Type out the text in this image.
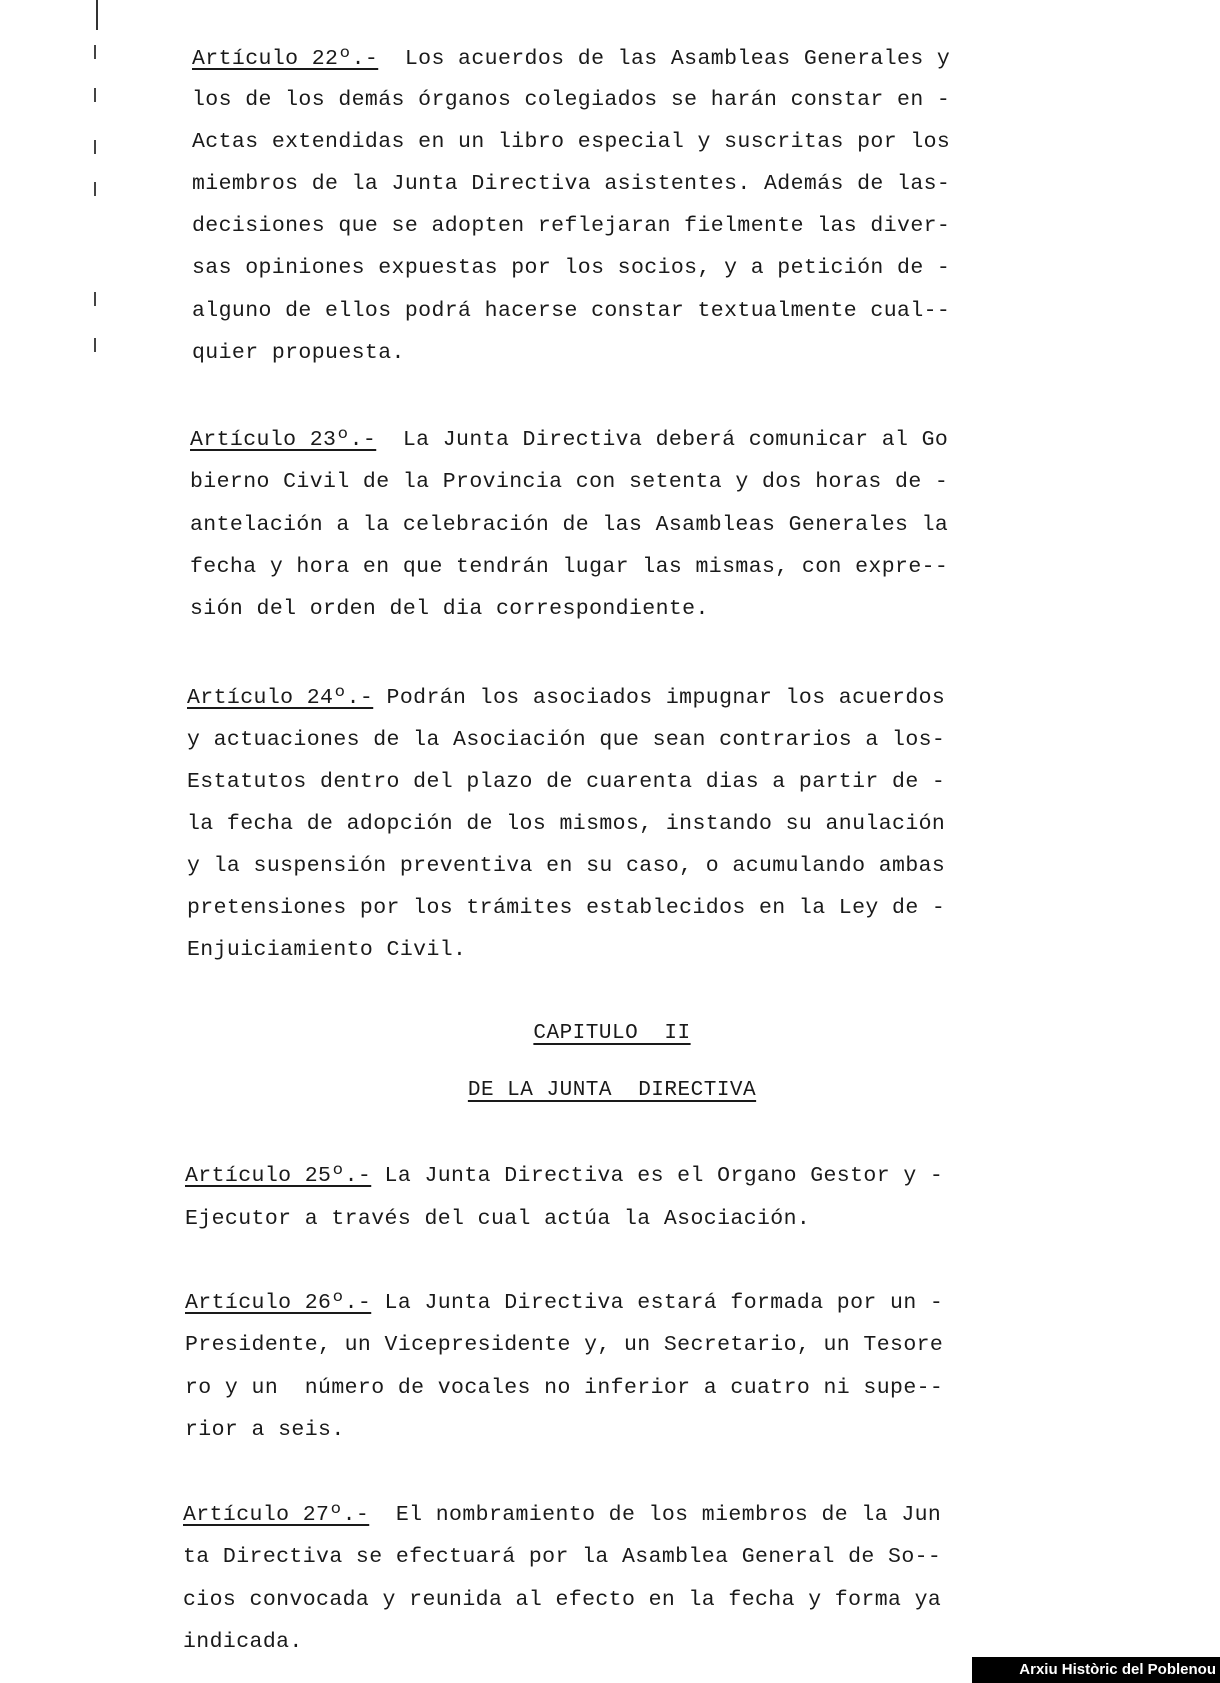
Artículo 22º.-  Los acuerdos de las Asambleas Generales y
los de los demás órganos colegiados se harán constar en -
Actas extendidas en un libro especial y suscritas por los
miembros de la Junta Directiva asistentes. Además de las-
decisiones que se adopten reflejaran fielmente las diver-
sas opiniones expuestas por los socios, y a petición de -
alguno de ellos podrá hacerse constar textualmente cual--
quier propuesta.
Artículo 23º.-  La Junta Directiva deberá comunicar al Go
bierno Civil de la Provincia con setenta y dos horas de -
antelación a la celebración de las Asambleas Generales la
fecha y hora en que tendrán lugar las mismas, con expre--
sión del orden del dia correspondiente.
Artículo 24º.- Podrán los asociados impugnar los acuerdos
y actuaciones de la Asociación que sean contrarios a los-
Estatutos dentro del plazo de cuarenta dias a partir de -
la fecha de adopción de los mismos, instando su anulación
y la suspensión preventiva en su caso, o acumulando ambas
pretensiones por los trámites establecidos en la Ley de -
Enjuiciamiento Civil.
CAPITULO  II
DE LA JUNTA  DIRECTIVA
Artículo 25º.- La Junta Directiva es el Organo Gestor y -
Ejecutor a través del cual actúa la Asociación.
Artículo 26º.- La Junta Directiva estará formada por un -
Presidente, un Vicepresidente y, un Secretario, un Tesore
ro y un  número de vocales no inferior a cuatro ni supe--
rior a seis.
Artículo 27º.-  El nombramiento de los miembros de la Jun
ta Directiva se efectuará por la Asamblea General de So--
cios convocada y reunida al efecto en la fecha y forma ya
indicada.
Arxiu Històric del Poblenou
